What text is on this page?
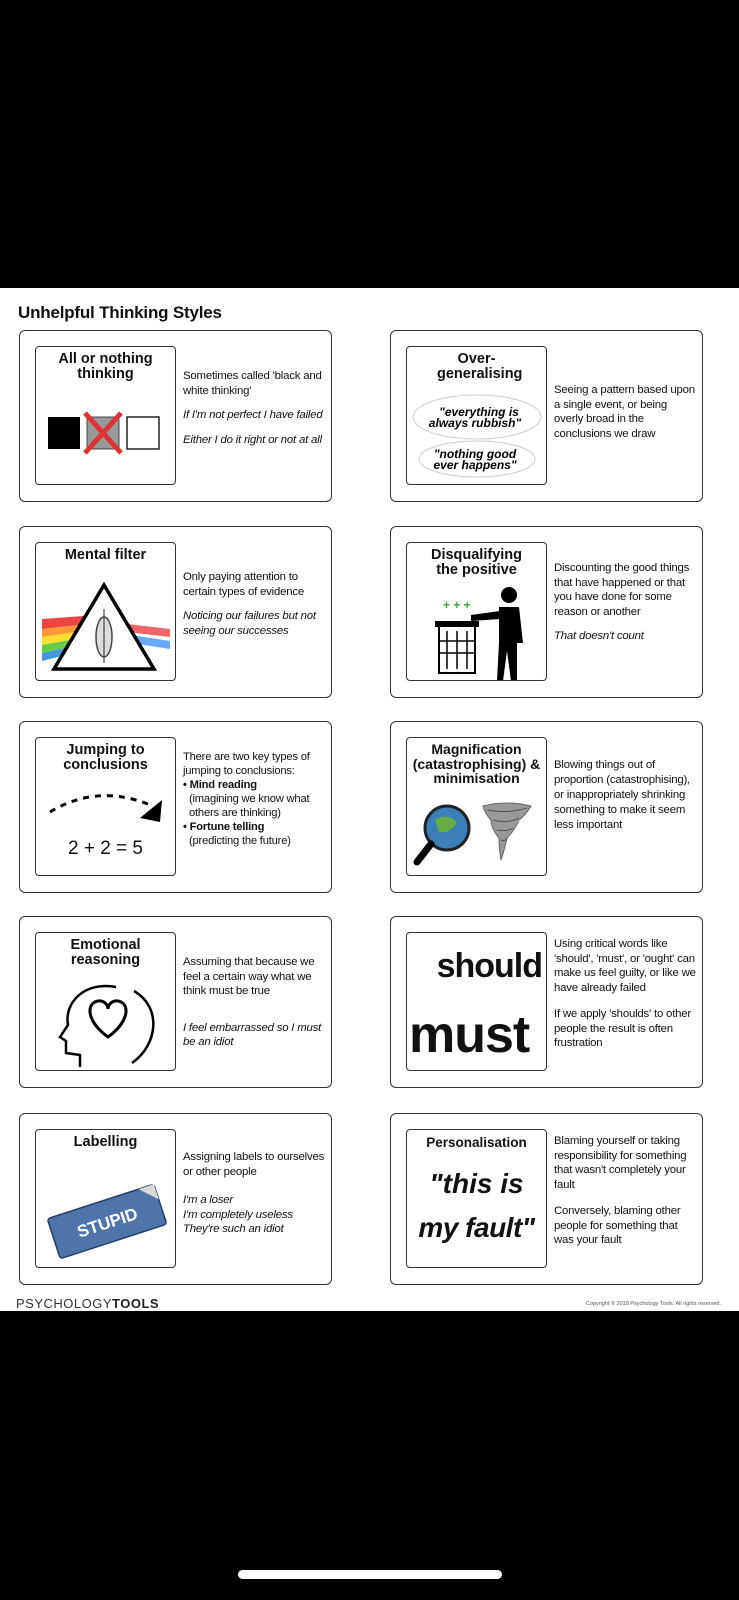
Unhelpful Thinking Styles
All or nothing thinking	Sometimes called 'black and white thinking'

If I'm not perfect I have failed

Either I do it right or not at all

Over-generalising
"everything is
always rubbish"
"nothing good
ever happens"

Seeing a pattern based upon a single event, or being overly broad in the conclusions we draw

Mental filter

Only paying attention to certain types of evidence

Noticing our failures but not seeing our successes

Disqualifying the positive
+ + +

Discounting the good things that have happened or that you have done for some reason or another

That doesn't count

Jumping to conclusions
2 + 2 = 5
There are two key types of jumping to conclusions:
• Mind reading
(imagining we know what others are thinking)
• Fortune telling
(predicting the future)
Magnification (catastrophising) & minimisation

Blowing things out of proportion (catastrophising), or inappropriately shrinking something to make it seem less important

Emotional reasoning	Assuming that because we feel a certain way what we think must be true

I feel embarrassed so I must be an idiot

should
must

Using critical words like 'should', 'must', or 'ought' can make us feel guilty, or like we have already failed

If we apply 'shoulds' to other people the result is often frustration

Labelling
STUPID

Assigning labels to ourselves or other people

I'm a loser
I'm completely useless
They're such an idiot
Personalisation
"this is
my fault"

Blaming yourself or taking responsibility for something that wasn't completely your fault

Conversely, blaming other people for something that was your fault

PSYCHOLOGYTOOLS	Copyright © 2018 Psychology Tools. All rights reserved.
